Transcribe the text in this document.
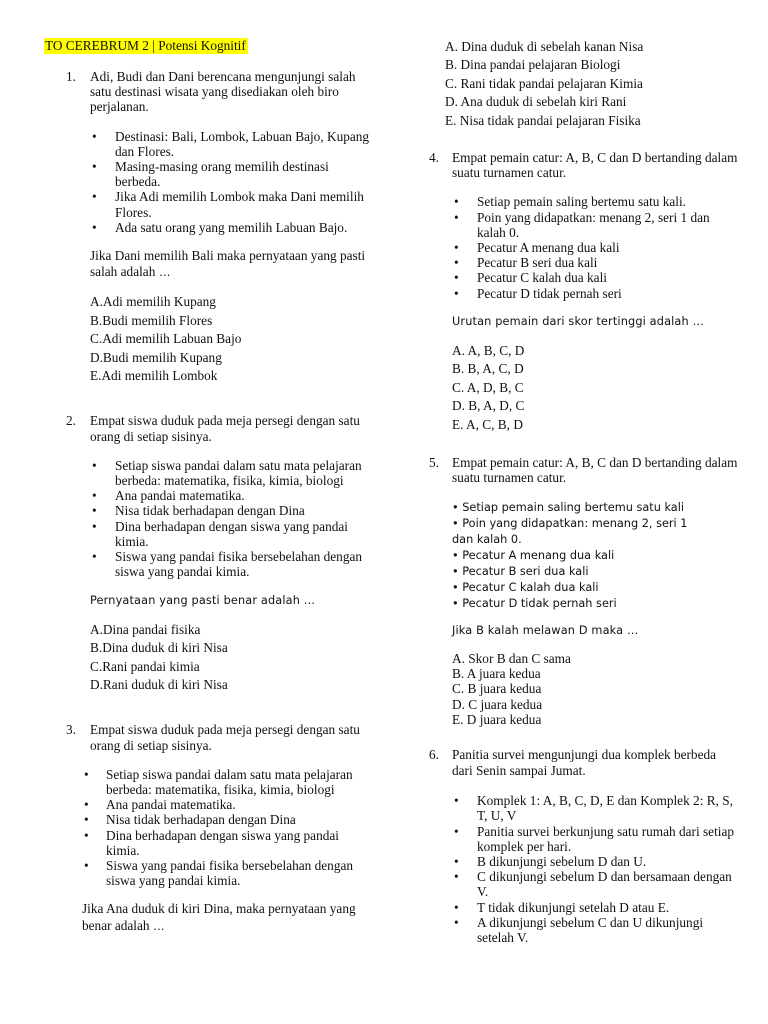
TO CEREBRUM 2 | Potensi Kognitif
1. Adi, Budi dan Dani berencana mengunjungi salah satu destinasi wisata yang disediakan oleh biro perjalanan.

• Destinasi: Bali, Lombok, Labuan Bajo, Kupang dan Flores.
• Masing-masing orang memilih destinasi berbeda.
• Jika Adi memilih Lombok maka Dani memilih Flores.
• Ada satu orang yang memilih Labuan Bajo.

Jika Dani memilih Bali maka pernyataan yang pasti salah adalah …

A.Adi memilih Kupang
B.Budi memilih Flores
C.Adi memilih Labuan Bajo
D.Budi memilih Kupang
E.Adi memilih Lombok
2. Empat siswa duduk pada meja persegi dengan satu orang di setiap sisinya.

• Setiap siswa pandai dalam satu mata pelajaran berbeda: matematika, fisika, kimia, biologi
• Ana pandai matematika.
• Nisa tidak berhadapan dengan Dina
• Dina berhadapan dengan siswa yang pandai kimia.
• Siswa yang pandai fisika bersebelahan dengan siswa yang pandai kimia.

Pernyataan yang pasti benar adalah …

A.Dina pandai fisika
B.Dina duduk di kiri Nisa
C.Rani pandai kimia
D.Rani duduk di kiri Nisa
3. Empat siswa duduk pada meja persegi dengan satu orang di setiap sisinya.

• Setiap siswa pandai dalam satu mata pelajaran berbeda: matematika, fisika, kimia, biologi
• Ana pandai matematika.
• Nisa tidak berhadapan dengan Dina
• Dina berhadapan dengan siswa yang pandai kimia.
• Siswa yang pandai fisika bersebelahan dengan siswa yang pandai kimia.

Jika Ana duduk di kiri Dina, maka pernyataan yang benar adalah …

A. Dina duduk di sebelah kanan Nisa
B. Dina pandai pelajaran Biologi
C. Rani tidak pandai pelajaran Kimia
D. Ana duduk di sebelah kiri Rani
E. Nisa tidak pandai pelajaran Fisika
4. Empat pemain catur: A, B, C dan D bertanding dalam suatu turnamen catur.

• Setiap pemain saling bertemu satu kali.
• Poin yang didapatkan: menang 2, seri 1 dan kalah 0.
• Pecatur A menang dua kali
• Pecatur B seri dua kali
• Pecatur C kalah dua kali
• Pecatur D tidak pernah seri

Urutan pemain dari skor tertinggi adalah …

A. A, B, C, D
B. B, A, C, D
C. A, D, B, C
D. B, A, D, C
E. A, C, B, D
5. Empat pemain catur: A, B, C dan D bertanding dalam suatu turnamen catur.

• Setiap pemain saling bertemu satu kali
• Poin yang didapatkan: menang 2, seri 1
dan kalah 0.
• Pecatur A menang dua kali
• Pecatur B seri dua kali
• Pecatur C kalah dua kali
• Pecatur D tidak pernah seri

Jika B kalah melawan D maka …

A. Skor B dan C sama
B. A juara kedua
C. B juara kedua
D. C juara kedua
E. D juara kedua
6. Panitia survei mengunjungi dua komplek berbeda dari Senin sampai Jumat.

• Komplek 1: A, B, C, D, E dan Komplek 2: R, S, T, U, V
• Panitia survei berkunjung satu rumah dari setiap komplek per hari.
• B dikunjungi sebelum D dan U.
• C dikunjungi sebelum D dan bersamaan dengan V.
• T tidak dikunjungi setelah D atau E.
• A dikunjungi sebelum C dan U dikunjungi setelah V.
